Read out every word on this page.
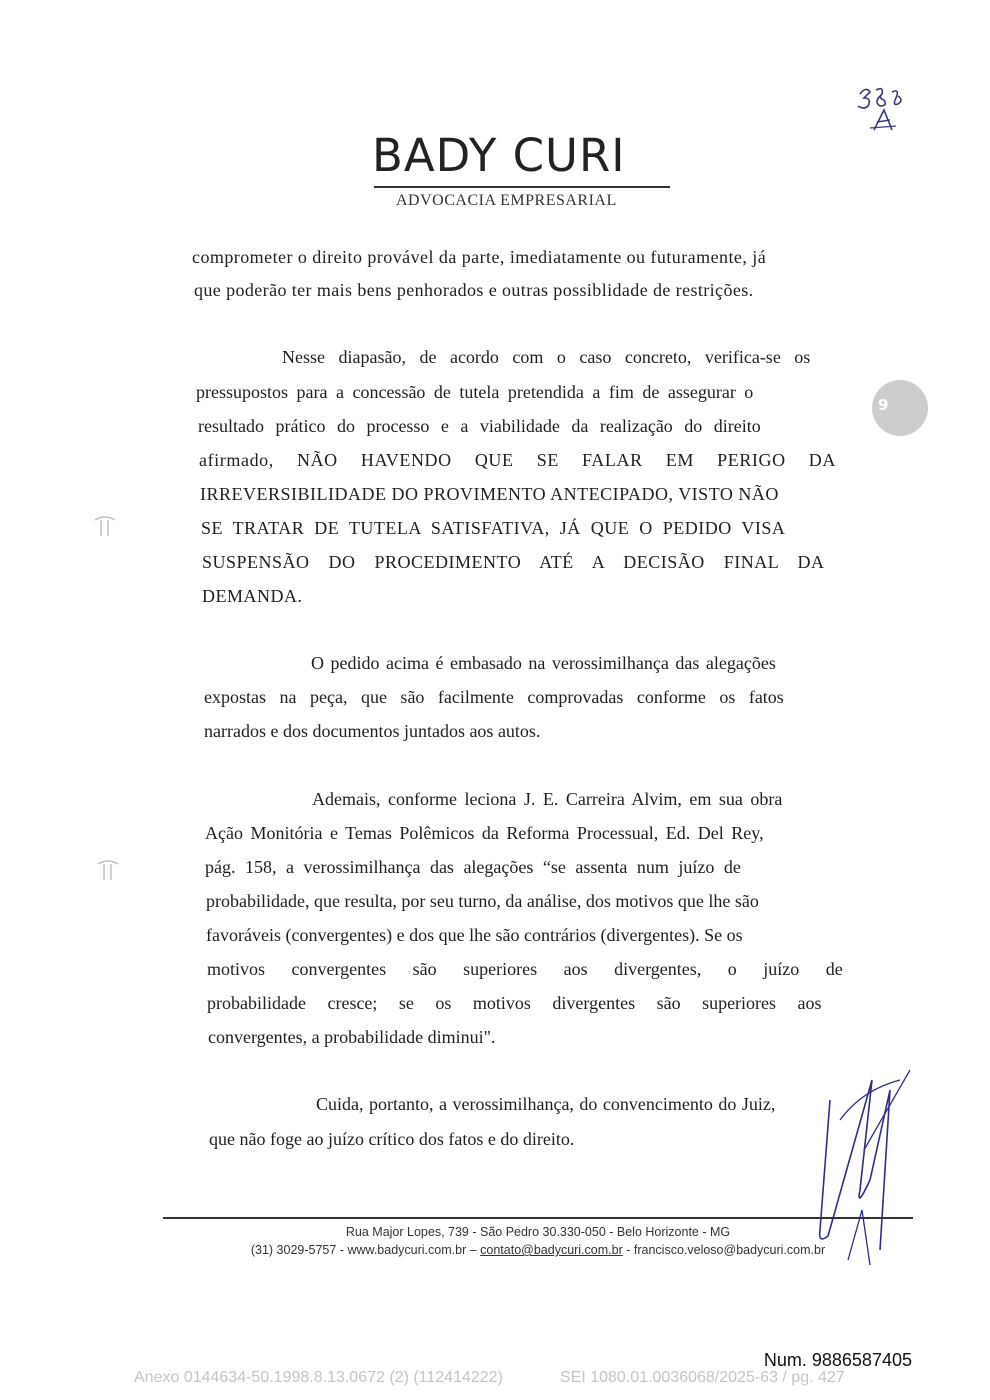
BADY CURI
ADVOCACIA EMPRESARIAL
9
comprometer o direito provável da parte, imediatamente ou futuramente, já
que poderão ter mais bens penhorados e outras possiblidade de restrições.
Nesse diapasão, de acordo com o caso concreto, verifica-se os
pressupostos para a concessão de tutela pretendida a fim de assegurar o
resultado prático do processo e a viabilidade da realização do direito
afirmado, NÃO HAVENDO QUE SE FALAR EM PERIGO DA
IRREVERSIBILIDADE DO PROVIMENTO ANTECIPADO, VISTO NÃO
SE TRATAR DE TUTELA SATISFATIVA, JÁ QUE O PEDIDO VISA
SUSPENSÃO DO PROCEDIMENTO ATÉ A DECISÃO FINAL DA
DEMANDA.
O pedido acima é embasado na verossimilhança das alegações
expostas na peça, que são facilmente comprovadas conforme os fatos
narrados e dos documentos juntados aos autos.
Ademais, conforme leciona J. E. Carreira Alvim, em sua obra
Ação Monitória e Temas Polêmicos da Reforma Processual, Ed. Del Rey,
pág. 158, a verossimilhança das alegações “se assenta num juízo de
probabilidade, que resulta, por seu turno, da análise, dos motivos que lhe são
favoráveis (convergentes) e dos que lhe são contrários (divergentes). Se os
motivos convergentes são superiores aos divergentes, o juízo de
probabilidade cresce; se os motivos divergentes são superiores aos
convergentes, a probabilidade diminui".
Cuida, portanto, a verossimilhança, do convencimento do Juiz,
que não foge ao juízo crítico dos fatos e do direito.
Rua Major Lopes, 739 - São Pedro 30.330-050 - Belo Horizonte - MG
(31) 3029-5757 - www.badycuri.com.br – contato@badycuri.com.br - francisco.veloso@badycuri.com.br
Num. 9886587405
Anexo 0144634-50.1998.8.13.0672 (2) (112414222)	SEI 1080.01.0036068/2025-63 / pg. 427
